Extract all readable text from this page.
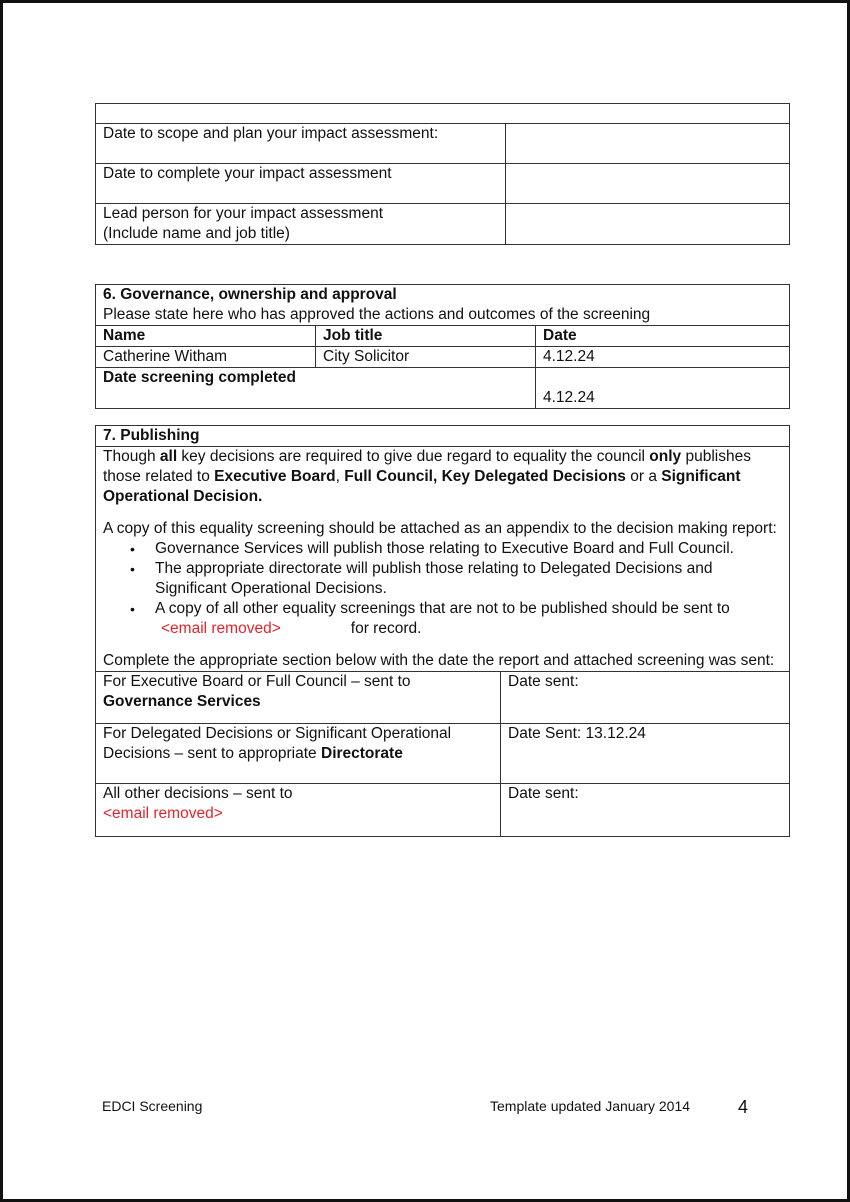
Date to scope and plan your impact assessment:	
Date to complete your impact assessment	

Lead person for your impact assessment
(Include name and job title)	

6. Governance, ownership and approval
Please state here who has approved the actions and outcomes of the screening		

Name	Job title	Date
Catherine Witham	City Solicitor	4.12.24
Date screening completed		4.12.24
7. Publishing	

Though all key decisions are required to give due regard to equality the council only publishes those related to Executive Board, Full Council, Key Delegated Decisions or a Significant Operational Decision.

A copy of this equality screening should be attached as an appendix to the decision making report:

• Governance Services will publish those relating to Executive Board and Full Council.
• The appropriate directorate will publish those relating to Delegated Decisions and Significant Operational Decisions.
• A copy of all other equality screenings that are not to be published should be sent to <email removed>	for record.

Complete the appropriate section below with the date the report and attached screening was sent:

For Executive Board or Full Council – sent to
Governance Services	Date sent:
For Delegated Decisions or Significant Operational Decisions – sent to appropriate Directorate	Date Sent: 13.12.24
All other decisions – sent to
<email removed>	Date sent:
EDCI Screening	Template updated January 2014	4
